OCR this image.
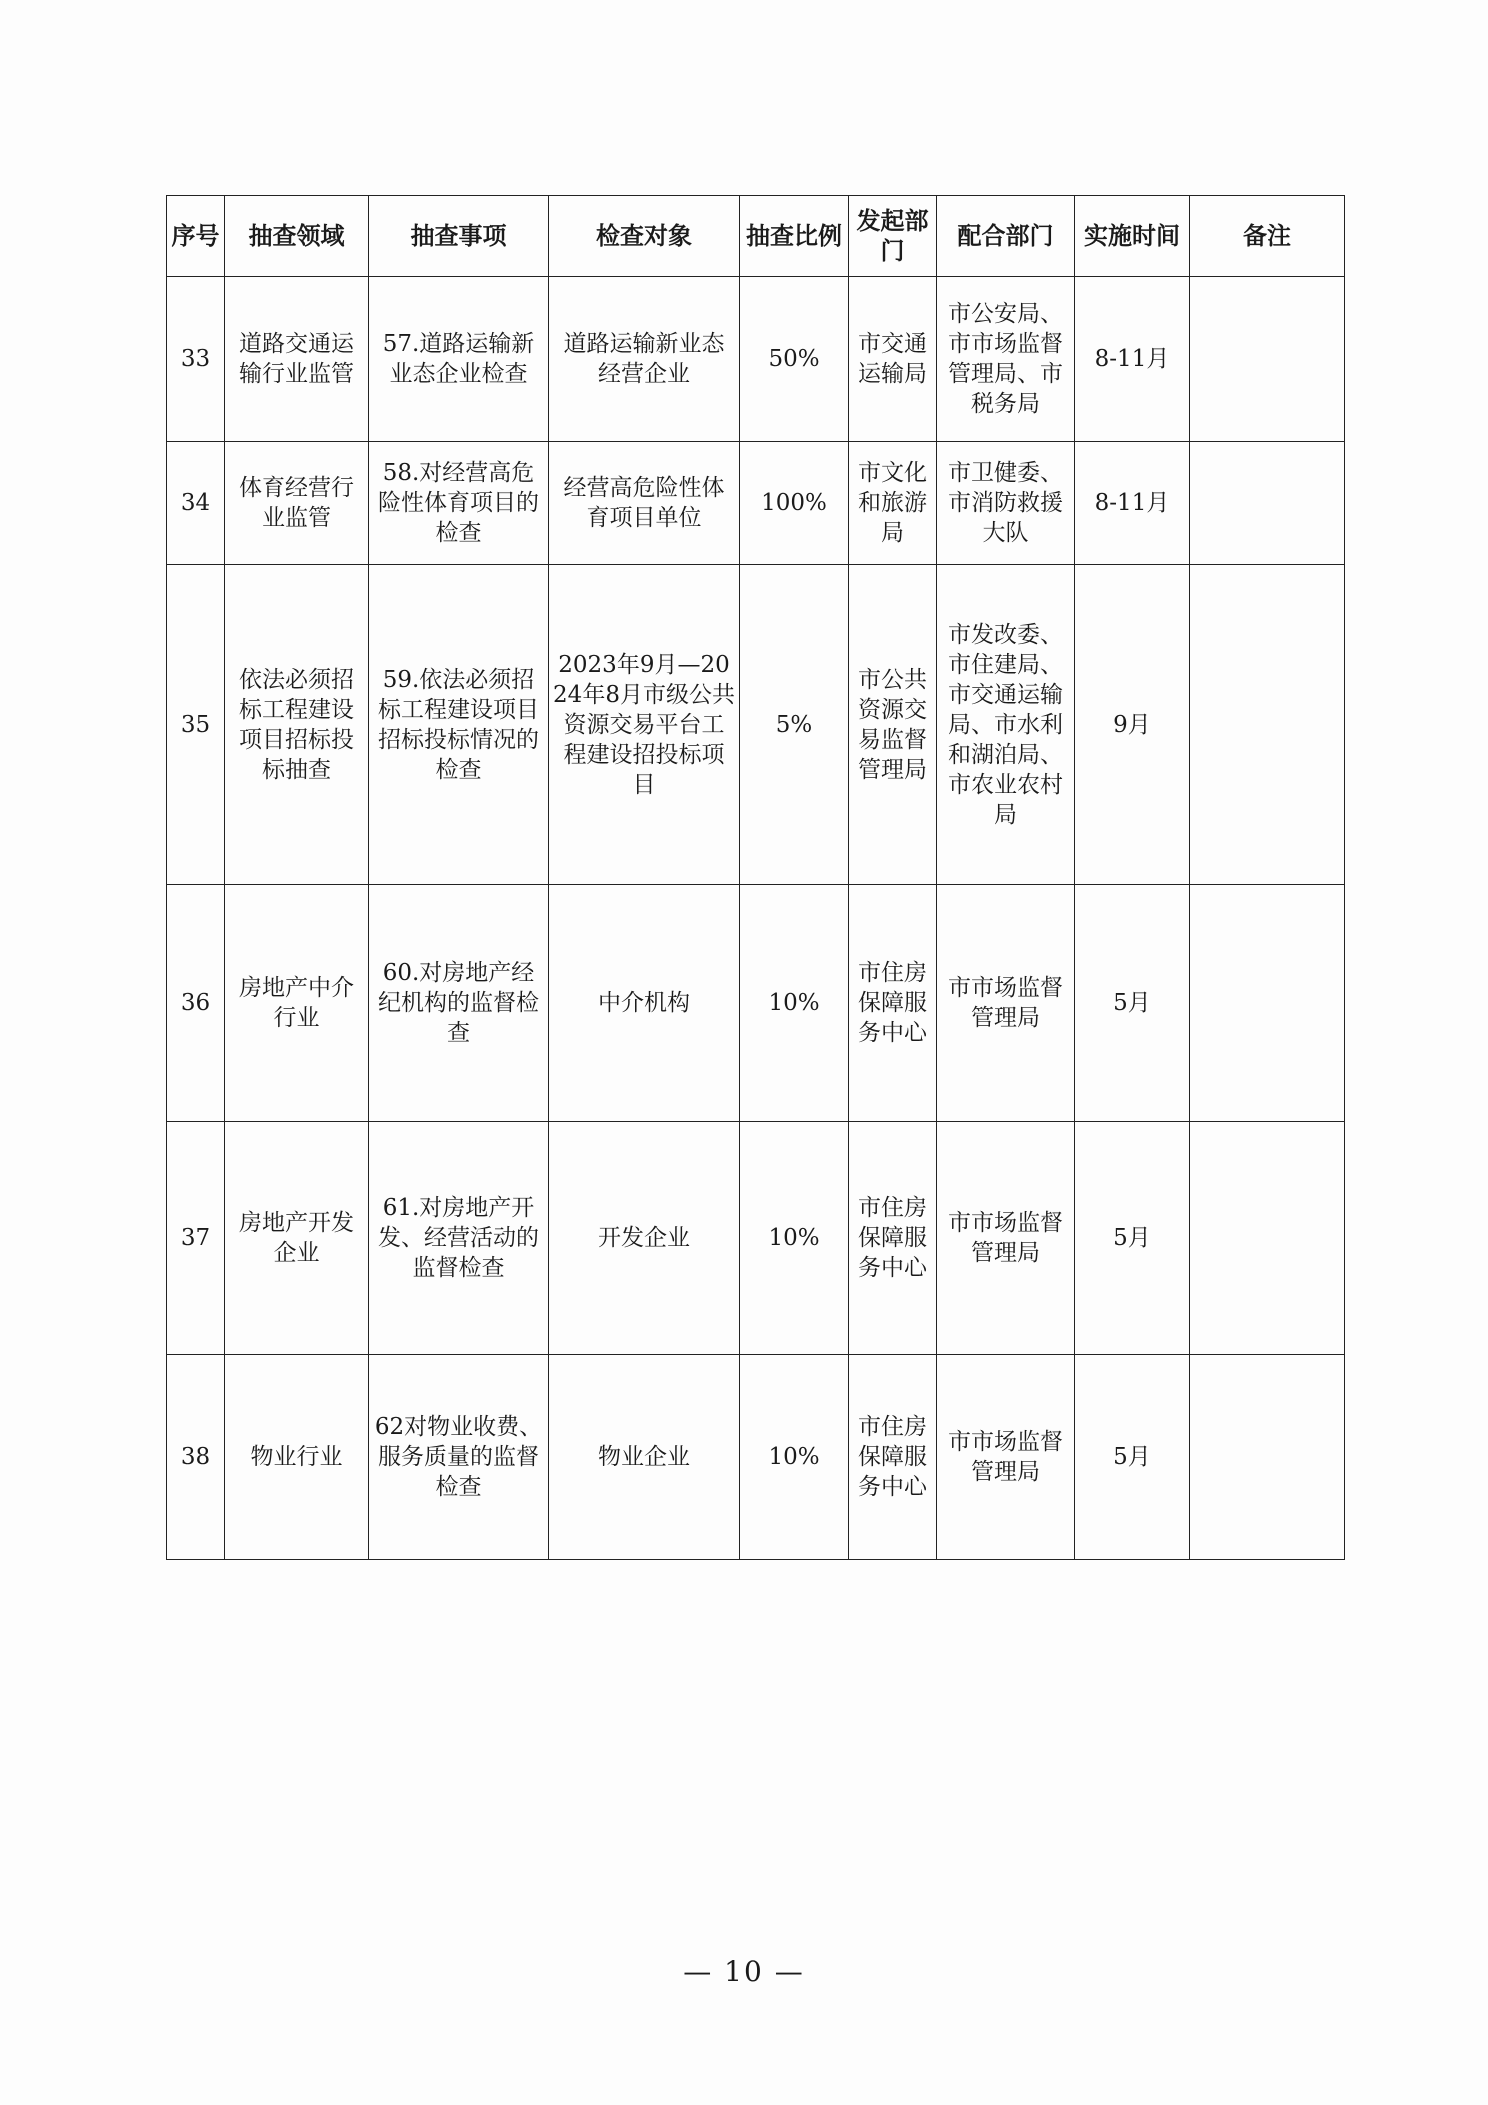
序号	抽查领域	抽查事项	检查对象	抽查比例	发起部门	配合部门	实施时间	备注
33	道路交通运输行业监管	57.道路运输新业态企业检查	道路运输新业态经营企业	50%	市交通运输局	市公安局、市市场监督管理局、市税务局	8-11月	
34	体育经营行业监管	58.对经营高危险性体育项目的检查	经营高危险性体育项目单位	100%	市文化和旅游局	市卫健委、市消防救援大队	8-11月	
35	依法必须招标工程建设项目招标投标抽查	59.依法必须招标工程建设项目招标投标情况的检查	2023年9月—2024年8月市级公共资源交易平台工程建设招投标项目	5%	市公共资源交易监督管理局	市发改委、市住建局、市交通运输局、市水利和湖泊局、市农业农村局	9月	
36	房地产中介行业	60.对房地产经纪机构的监督检查	中介机构	10%	市住房保障服务中心	市市场监督管理局	5月	
37	房地产开发企业	61.对房地产开发、经营活动的监督检查	开发企业	10%	市住房保障服务中心	市市场监督管理局	5月	
38	物业行业	62对物业收费、服务质量的监督检查	物业企业	10%	市住房保障服务中心	市市场监督管理局	5月	
— 10 —
